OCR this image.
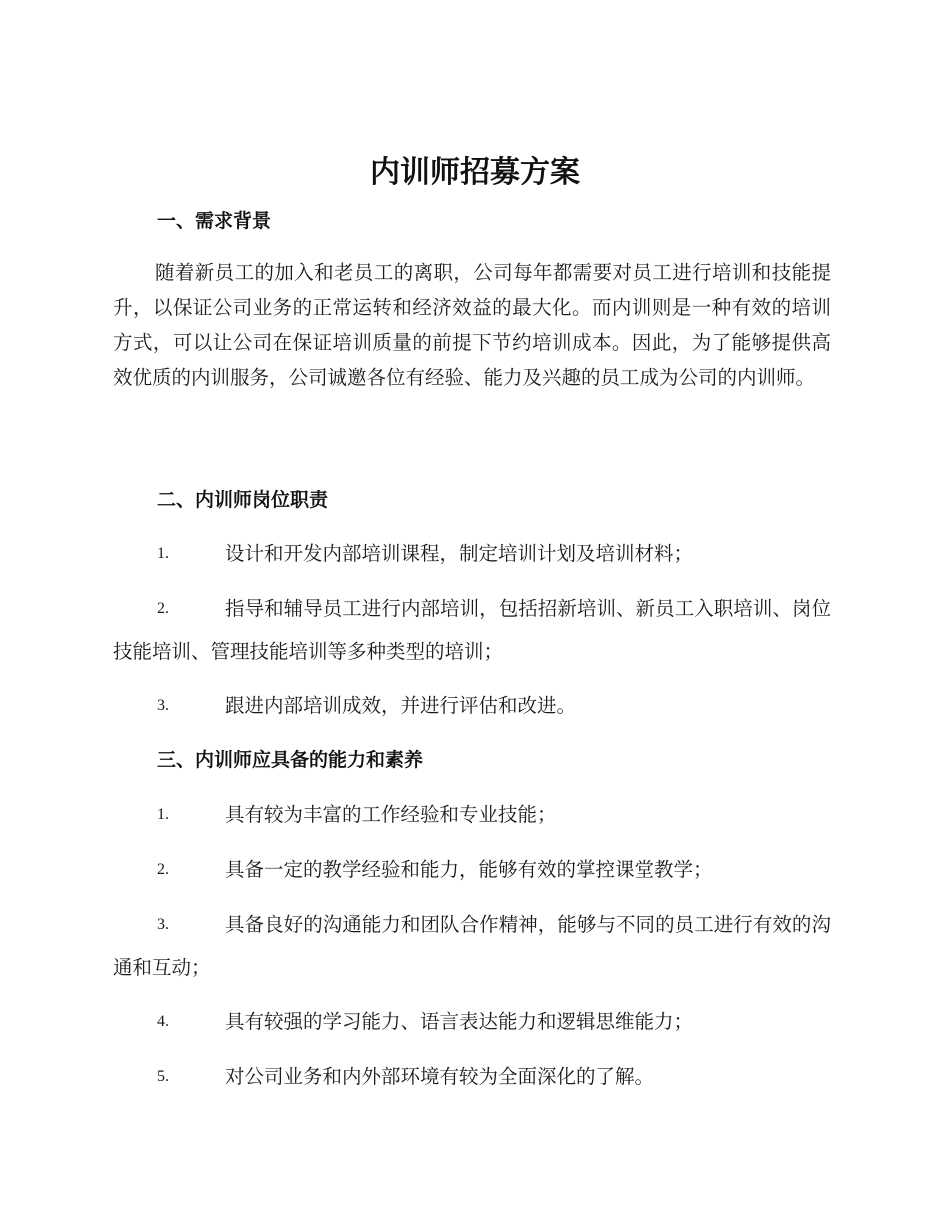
内训师招募方案
一、需求背景
随着新员工的加入和老员工的离职，公司每年都需要对员工进行培训和技能提升，以保证公司业务的正常运转和经济效益的最大化。而内训则是一种有效的培训方式，可以让公司在保证培训质量的前提下节约培训成本。因此，为了能够提供高效优质的内训服务，公司诚邀各位有经验、能力及兴趣的员工成为公司的内训师。
二、内训师岗位职责
1.	设计和开发内部培训课程，制定培训计划及培训材料；
2.	指导和辅导员工进行内部培训，包括招新培训、新员工入职培训、岗位技能培训、管理技能培训等多种类型的培训；
3.	跟进内部培训成效，并进行评估和改进。
三、内训师应具备的能力和素养
1.	具有较为丰富的工作经验和专业技能；
2.	具备一定的教学经验和能力，能够有效的掌控课堂教学；
3.	具备良好的沟通能力和团队合作精神，能够与不同的员工进行有效的沟通和互动；
4.	具有较强的学习能力、语言表达能力和逻辑思维能力；
5.	对公司业务和内外部环境有较为全面深化的了解。
